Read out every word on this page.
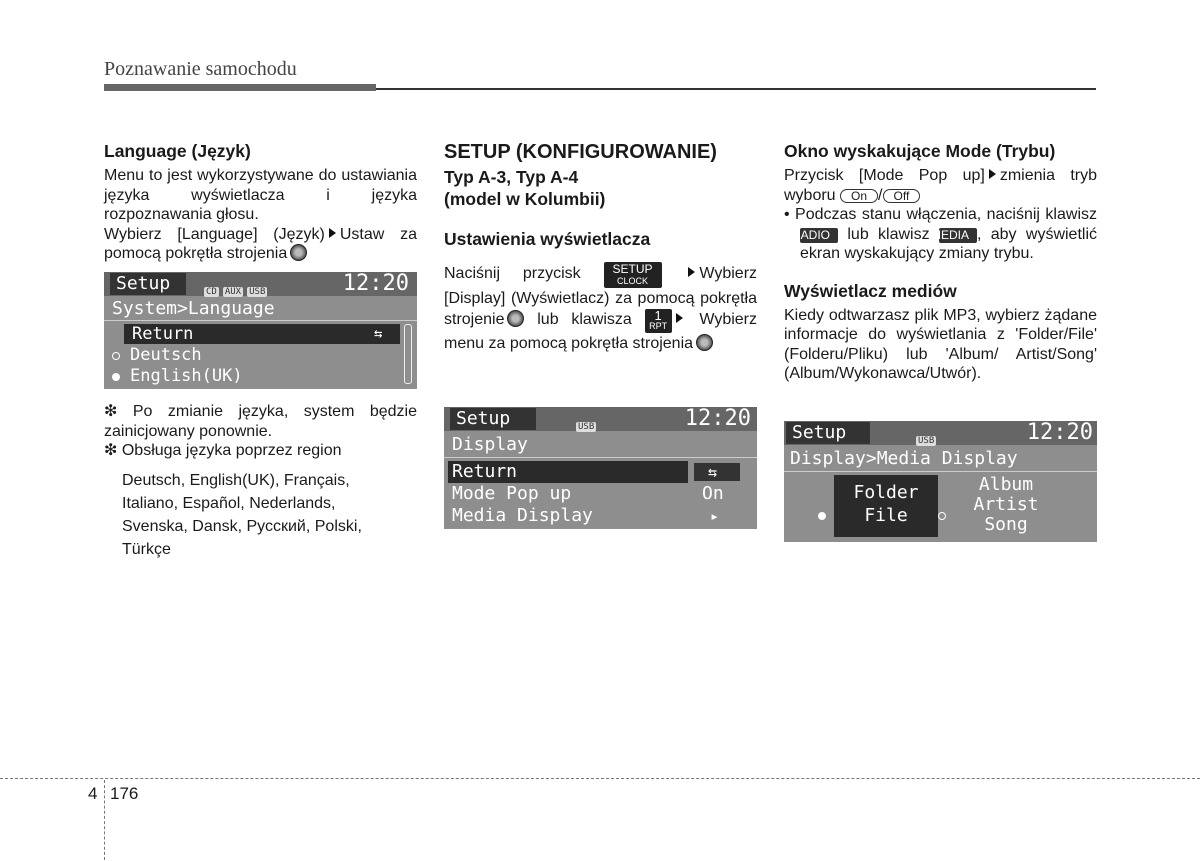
Poznawanie samochodu
Language (Język)

Menu to jest wykorzystywane do ustawiania języka wyświetlacza i języka rozpoznawania głosu.

Wybierz [Language] (Język) Ustaw za pomocą pokrętła strojenia

Setup	CD AUX USB	12:20
System>Language
Return	⇆
Deutsch
English(UK)

❇ Po zmianie języka, system będzie zainicjowany ponownie.

❇ Obsługa języka poprzez region

Deutsch, English(UK), Français,
Italiano, Español, Nederlands,
Svenska, Dansk, Русский, Polski,
Türkçe
SETUP (KONFIGUROWANIE)
Typ A-3, Typ A-4
(model w Kolumbii)
Ustawienia wyświetlacza

Naciśnij przycisk	SETUP
CLOCK	Wybierz [Display] (Wyświetlacz) za pomocą pokrętła strojenie lub klawisza 1
RPT Wybierz menu za pomocą pokrętła strojenia

Setup	USB	12:20
Display
Return	⇆
Mode Pop up	On
Media Display	▸
Okno wyskakujące Mode (Trybu)

Przycisk [Mode Pop up] zmienia tryb wyboru On / Off

• Podczas stanu włączenia, naciśnij klawisz RADIO lub klawisz MEDIA , aby wyświetlić ekran wyskakujący zmiany trybu.

Wyświetlacz mediów

Kiedy odtwarzasz plik MP3, wybierz żądane informacje do wyświetlania z 'Folder/File' (Folderu/Pliku) lub 'Album/ Artist/Song' (Album/Wykonawca/Utwór).

Setup	USB	12:20
Display>Media Display
Folder
File
Album
Artist
Song
4 176
